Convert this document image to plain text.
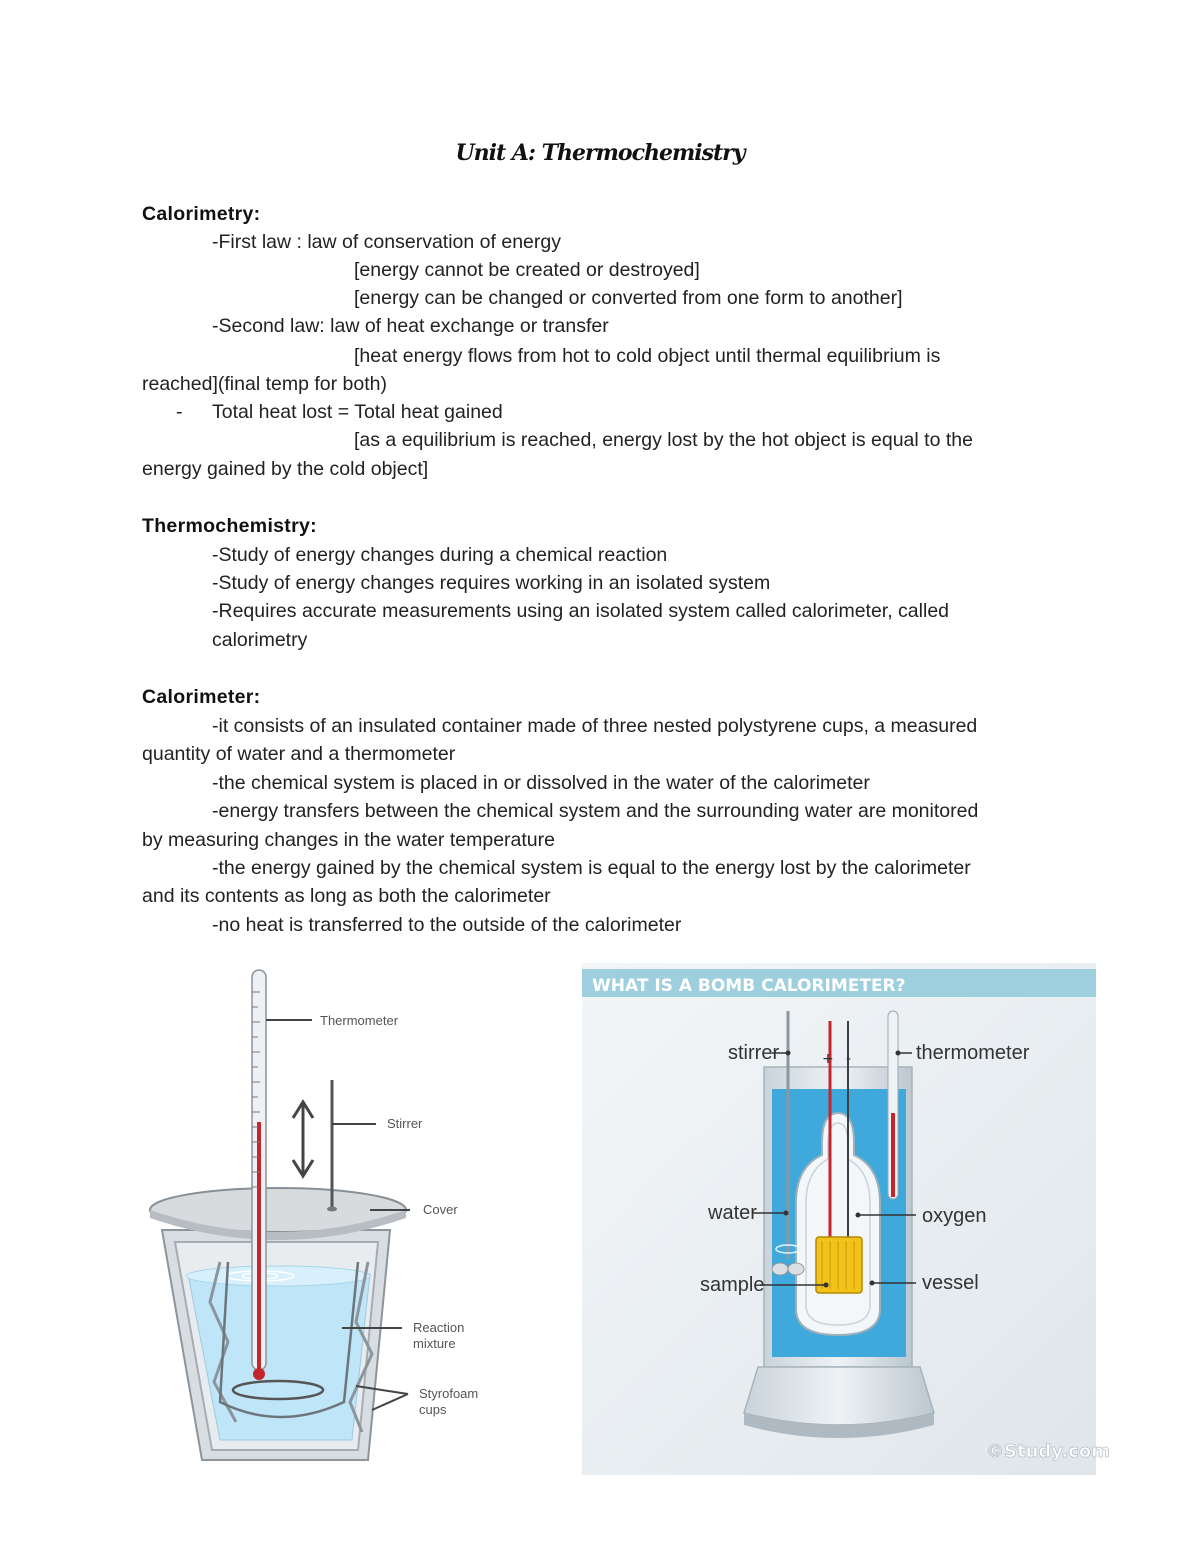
Unit A: Thermochemistry
Calorimetry:
-First law : law of conservation of energy
[energy cannot be created or destroyed]
[energy can be changed or converted from one form to another]
-Second law: law of heat exchange or transfer
[heat energy flows from hot to cold object until thermal equilibrium is
reached](final temp for both)
- Total heat lost = Total heat gained
[as a equilibrium is reached, energy lost by the hot object is equal to the
energy gained by the cold object]
Thermochemistry:
-Study of energy changes during a chemical reaction
-Study of energy changes requires working in an isolated system
-Requires accurate measurements using an isolated system called calorimeter, called
calorimetry
Calorimeter:
-it consists of an insulated container made of three nested polystyrene cups, a measured
quantity of water and a thermometer
-the chemical system is placed in or dissolved in the water of the calorimeter
-energy transfers between the chemical system and the surrounding water are monitored
by measuring changes in the water temperature
-the energy gained by the chemical system is equal to the energy lost by the calorimeter
and its contents as long as both the calorimeter
-no heat is transferred to the outside of the calorimeter
Thermometer
Stirrer
Cover
Reaction
mixture
Styrofoam
cups
WHAT IS A BOMB CALORIMETER?
+ -
stirrer	thermometer
water	oxygen
sample	vessel
©Study.com
